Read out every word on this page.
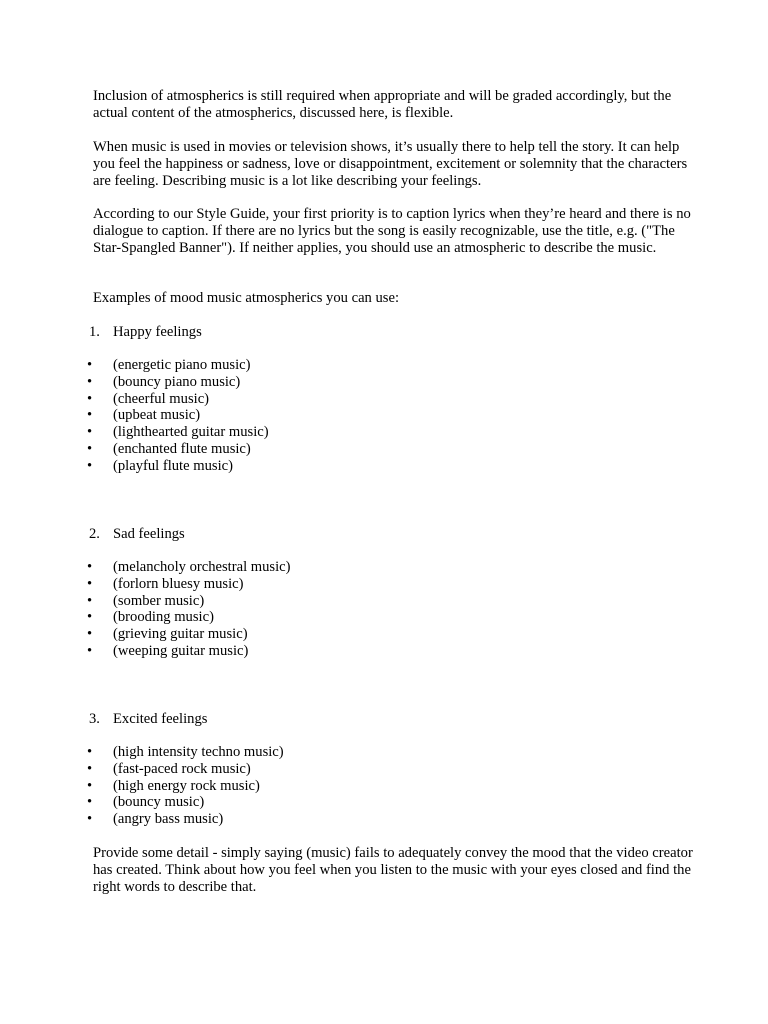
Inclusion of atmospherics is still required when appropriate and will be graded accordingly, but the actual content of the atmospherics, discussed here, is flexible.

When music is used in movies or television shows, it’s usually there to help tell the story. It can help you feel the happiness or sadness, love or disappointment, excitement or solemnity that the characters are feeling. Describing music is a lot like describing your feelings.

According to our Style Guide, your first priority is to caption lyrics when they’re heard and there is no dialogue to caption. If there are no lyrics but the song is easily recognizable, use the title, e.g. ("The Star-Spangled Banner"). If neither applies, you should use an atmospheric to describe the music.

Examples of mood music atmospherics you can use:

1. Happy feelings

•	(energetic piano music)
•	(bouncy piano music)
•	(cheerful music)
•	(upbeat music)
•	(lighthearted guitar music)
•	(enchanted flute music)
•	(playful flute music)

2. Sad feelings

•	(melancholy orchestral music)
•	(forlorn bluesy music)
•	(somber music)
•	(brooding music)
•	(grieving guitar music)
•	(weeping guitar music)

3. Excited feelings

•	(high intensity techno music)
•	(fast-paced rock music)
•	(high energy rock music)
•	(bouncy music)
•	(angry bass music)

Provide some detail - simply saying (music) fails to adequately convey the mood that the video creator has created. Think about how you feel when you listen to the music with your eyes closed and find the right words to describe that.
